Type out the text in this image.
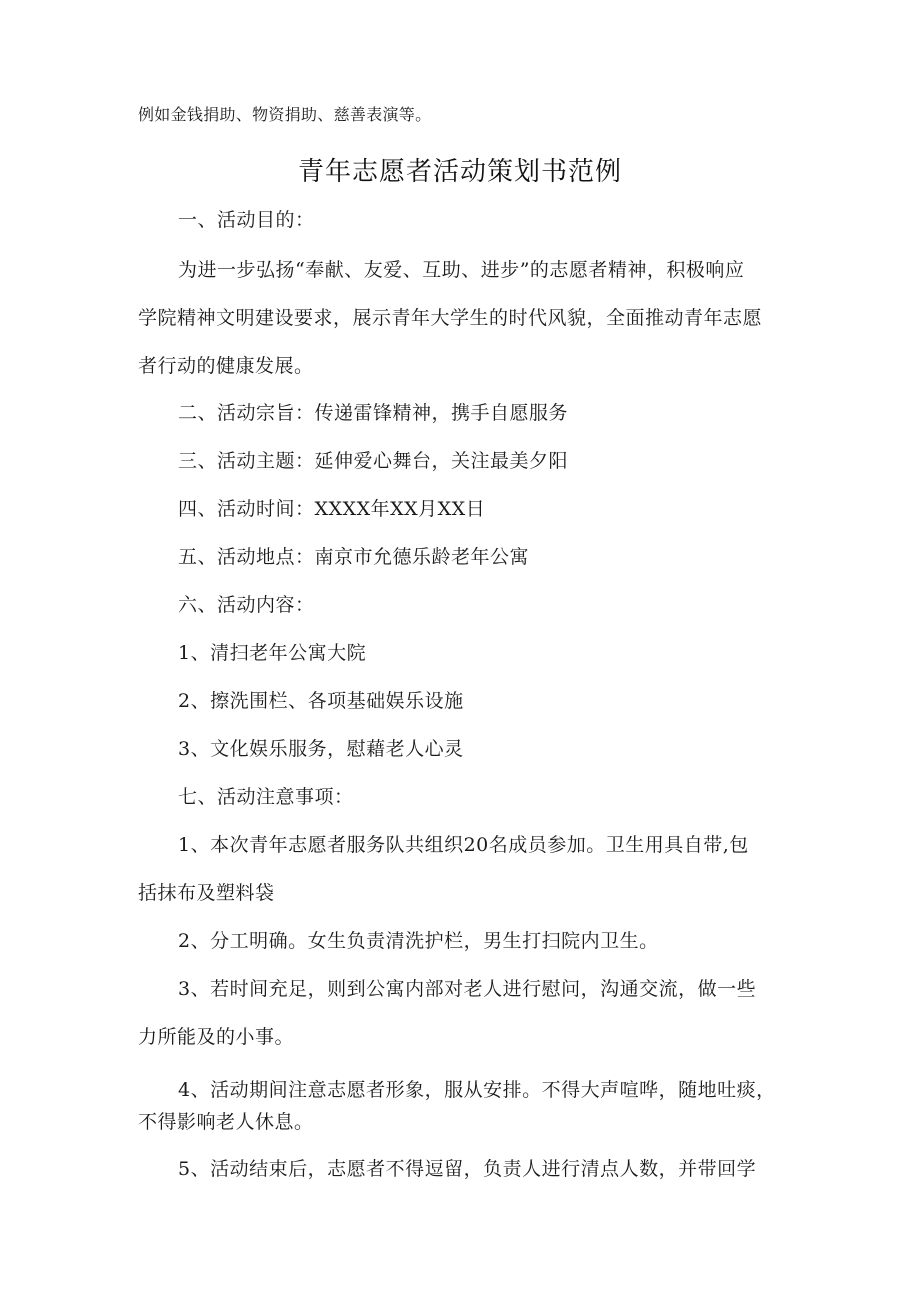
例如金钱捐助、物资捐助、慈善表演等。
青年志愿者活动策划书范例
一、活动目的：
为进一步弘扬“奉献、友爱、互助、进步”的志愿者精神，积极响应
学院精神文明建设要求，展示青年大学生的时代风貌，全面推动青年志愿
者行动的健康发展。
二、活动宗旨：传递雷锋精神，携手自愿服务
三、活动主题：延伸爱心舞台，关注最美夕阳
四、活动时间：XXXX年XX月XX日
五、活动地点：南京市允德乐龄老年公寓
六、活动内容：
1、清扫老年公寓大院
2、擦洗围栏、各项基础娱乐设施
3、文化娱乐服务，慰藉老人心灵
七、活动注意事项：
1、本次青年志愿者服务队共组织20名成员参加。卫生用具自带,包
括抹布及塑料袋
2、分工明确。女生负责清洗护栏，男生打扫院内卫生。
3、若时间充足，则到公寓内部对老人进行慰问，沟通交流，做一些
力所能及的小事。
4、活动期间注意志愿者形象，服从安排。不得大声喧哗，随地吐痰，
不得影响老人休息。
5、活动结束后，志愿者不得逗留，负责人进行清点人数，并带回学
